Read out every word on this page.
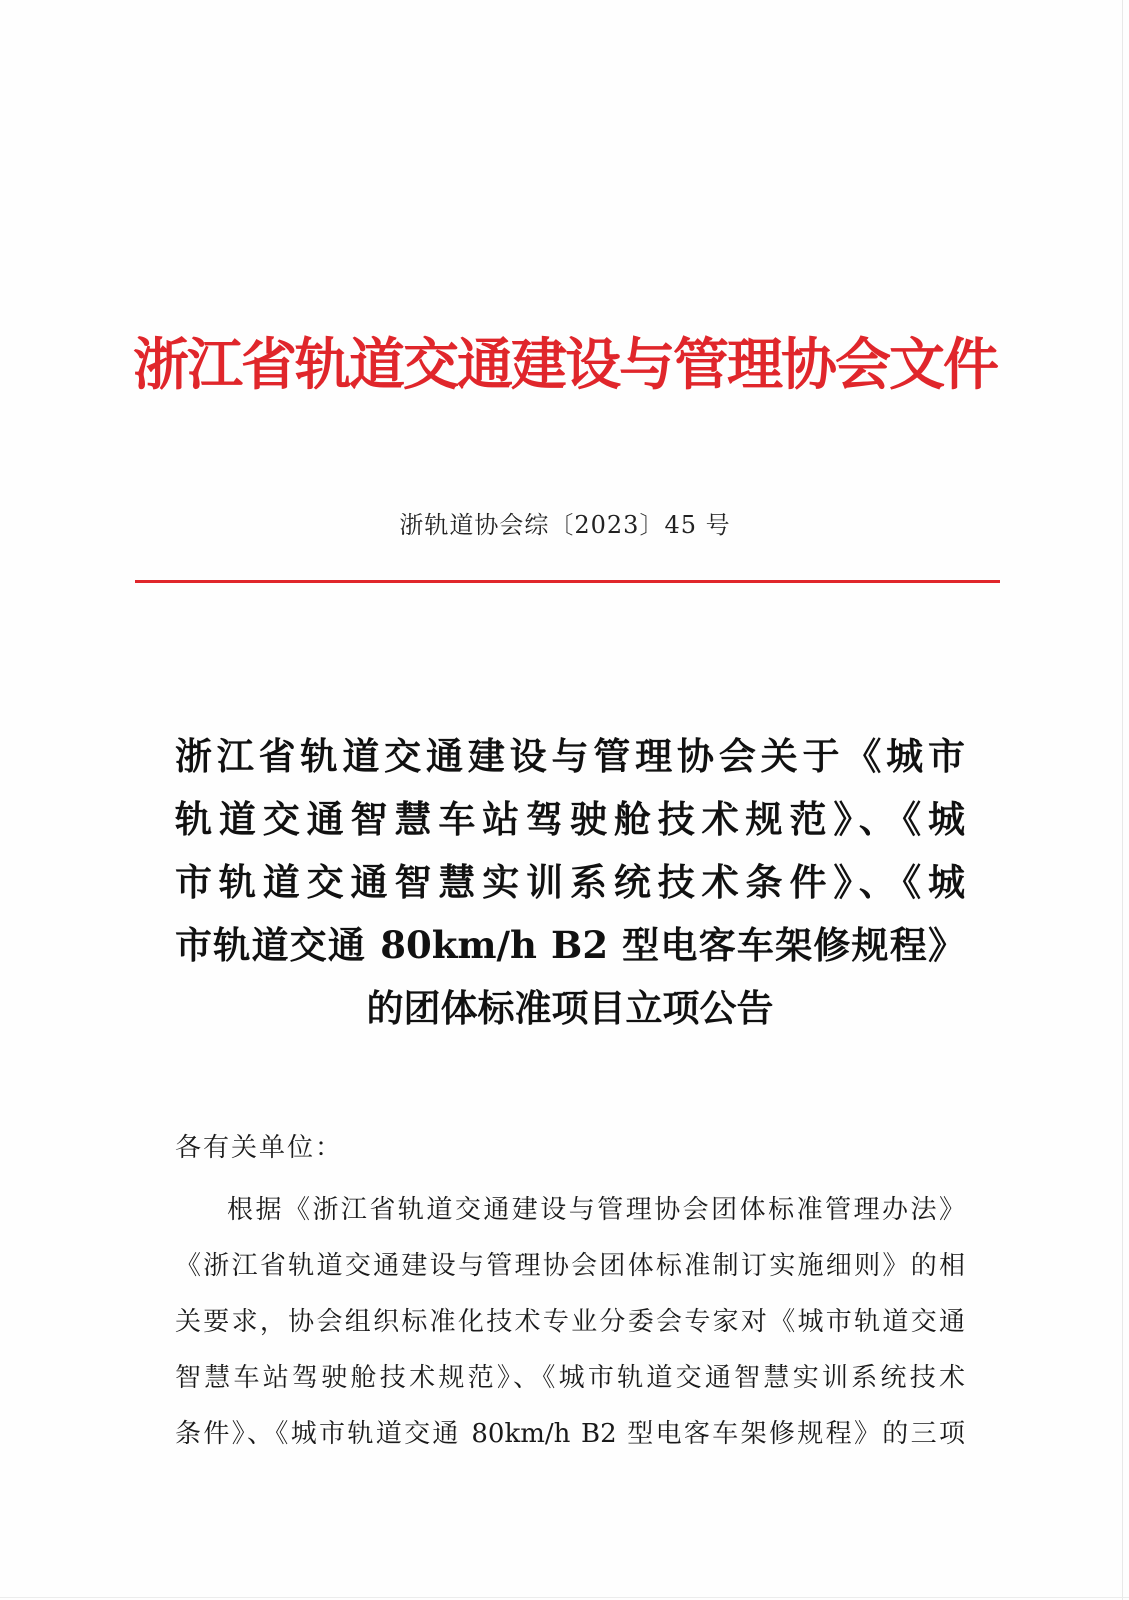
浙江省轨道交通建设与管理协会文件
浙轨道协会综〔2023〕45 号
浙江省轨道交通建设与管理协会关于《城市
轨道交通智慧车站驾驶舱技术规范》、《城
市轨道交通智慧实训系统技术条件》、《城
市轨道交通 80km/h B2 型电客车架修规程》
的团体标准项目立项公告
各有关单位：
根据《浙江省轨道交通建设与管理协会团体标准管理办法》
《浙江省轨道交通建设与管理协会团体标准制订实施细则》的相
关要求，协会组织标准化技术专业分委会专家对《城市轨道交通
智慧车站驾驶舱技术规范》、《城市轨道交通智慧实训系统技术
条件》、《城市轨道交通 80km/h B2 型电客车架修规程》的三项
